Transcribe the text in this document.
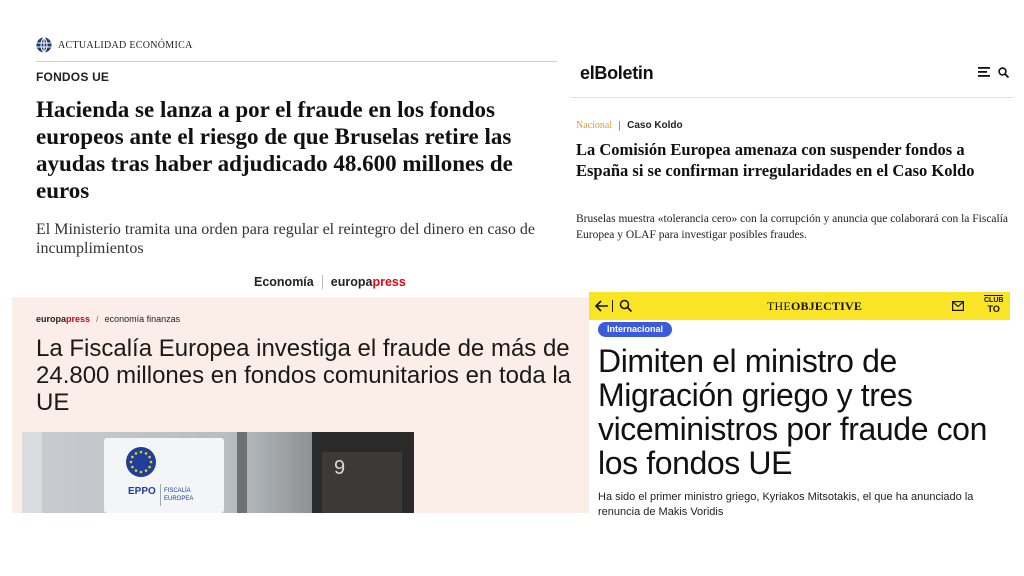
ACTUALIDAD ECONÓMICA
FONDOS UE
Hacienda se lanza a por el fraude en los fondos europeos ante el riesgo de que Bruselas retire las ayudas tras haber adjudicado 48.600 millones de euros
El Ministerio tramita una orden para regular el reintegro del dinero en caso de incumplimientos
Economía europa press
elBoletin
Nacional Caso Koldo
La Comisión Europea amenaza con suspender fondos a España si se confirman irregularidades en el Caso Koldo
Bruselas muestra «tolerancia cero» con la corrupción y anuncia que colaborará con la Fiscalía Europea y OLAF para investigar posibles fraudes.
europapress / economía finanzas
La Fiscalía Europea investiga el fraude de más de 24.800 millones en fondos comunitarios en toda la UE
9
EPPO FISCALÍA
EUROPEA
THEOBJECTIVE	CLUB
TO
Internacional
Dimiten el ministro de Migración griego y tres viceministros por fraude con los fondos UE
Ha sido el primer ministro griego, Kyriakos Mitsotakis, el que ha anunciado la renuncia de Makis Voridis
